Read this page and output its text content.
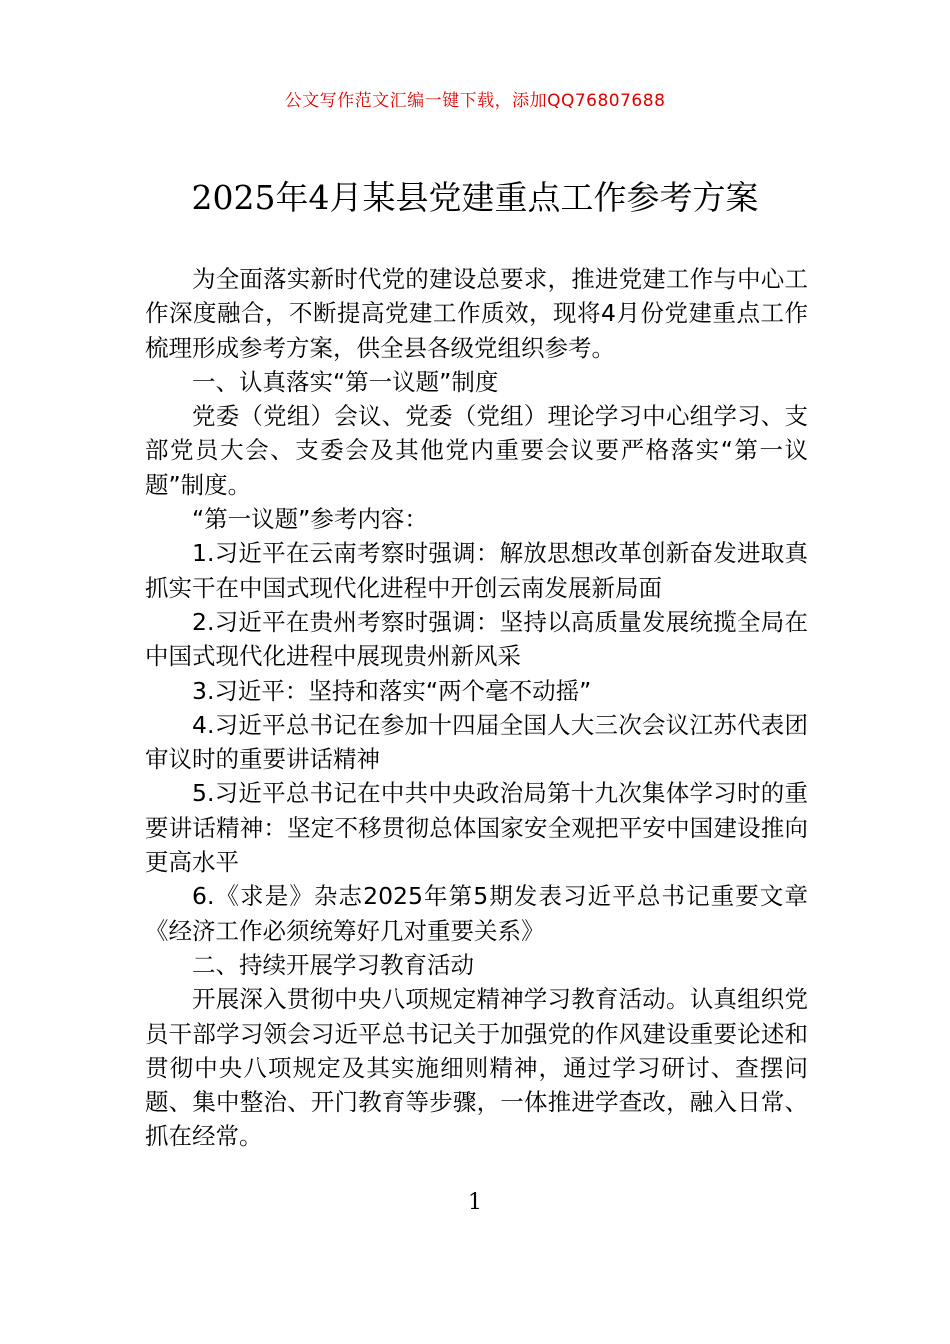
公文写作范文汇编一键下载，添加QQ76807688
2025年4月某县党建重点工作参考方案

为全面落实新时代党的建设总要求，推进党建工作与中心工作深度融合，不断提高党建工作质效，现将4月份党建重点工作梳理形成参考方案，供全县各级党组织参考。

一、认真落实“第一议题”制度

党委（党组）会议、党委（党组）理论学习中心组学习、支部党员大会、支委会及其他党内重要会议要严格落实“第一议题”制度。

“第一议题”参考内容：

1.习近平在云南考察时强调：解放思想改革创新奋发进取真抓实干在中国式现代化进程中开创云南发展新局面

2.习近平在贵州考察时强调：坚持以高质量发展统揽全局在中国式现代化进程中展现贵州新风采

3.习近平：坚持和落实“两个毫不动摇”

4.习近平总书记在参加十四届全国人大三次会议江苏代表团审议时的重要讲话精神

5.习近平总书记在中共中央政治局第十九次集体学习时的重要讲话精神：坚定不移贯彻总体国家安全观把平安中国建设推向更高水平

6.《求是》杂志2025年第5期发表习近平总书记重要文章《经济工作必须统筹好几对重要关系》

二、持续开展学习教育活动

开展深入贯彻中央八项规定精神学习教育活动。认真组织党员干部学习领会习近平总书记关于加强党的作风建设重要论述和贯彻中央八项规定及其实施细则精神，通过学习研讨、查摆问题、集中整治、开门教育等步骤，一体推进学查改，融入日常、抓在经常。

1
